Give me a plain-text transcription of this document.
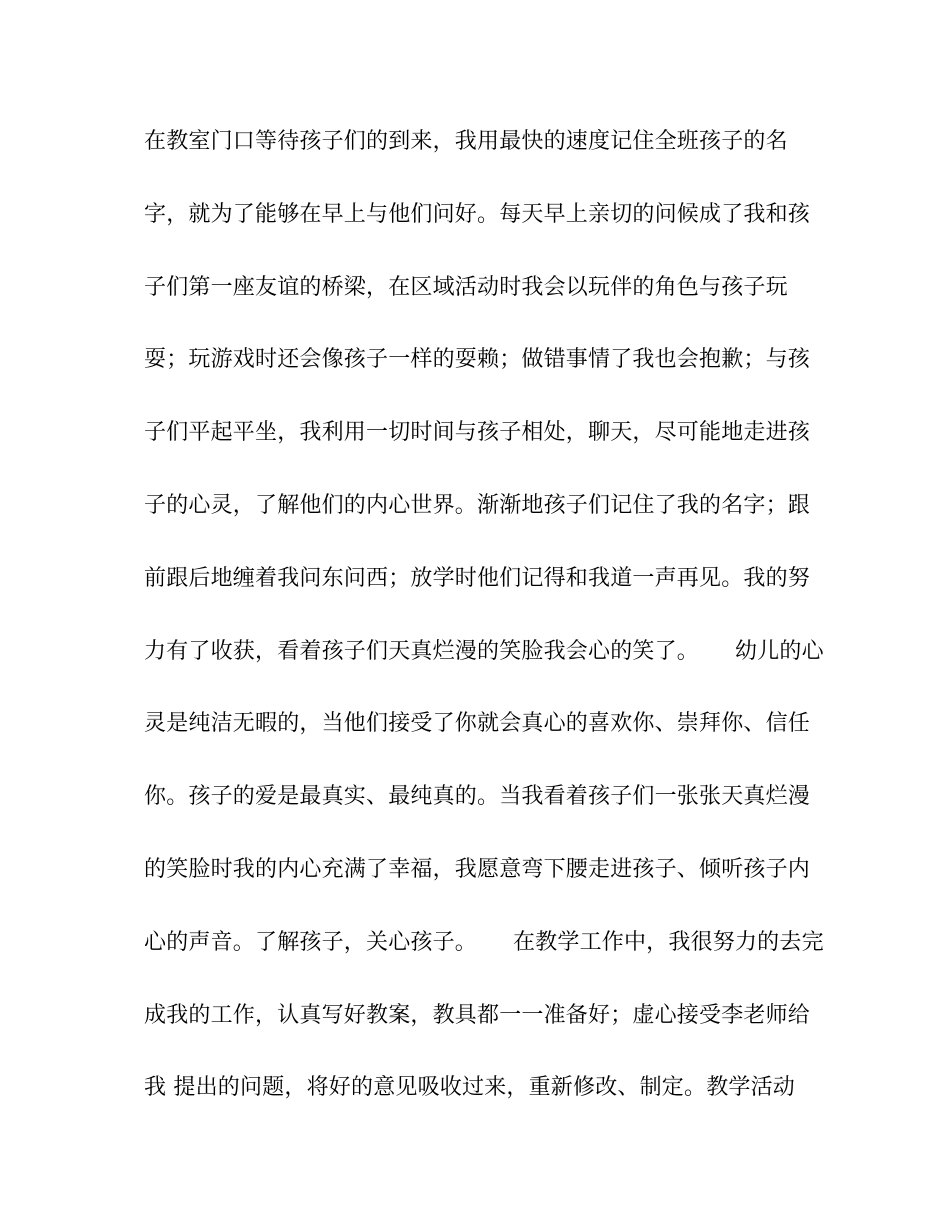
在教室门口等待孩子们的到来，我用最快的速度记住全班孩子的名
字，就为了能够在早上与他们问好。每天早上亲切的问候成了我和孩
子们第一座友谊的桥梁，在区域活动时我会以玩伴的角色与孩子玩
耍；玩游戏时还会像孩子一样的耍赖；做错事情了我也会抱歉；与孩
子们平起平坐，我利用一切时间与孩子相处，聊天，尽可能地走进孩
子的心灵，了解他们的内心世界。渐渐地孩子们记住了我的名字；跟
前跟后地缠着我问东问西；放学时他们记得和我道一声再见。我的努
力有了收获，看着孩子们天真烂漫的笑脸我会心的笑了。     幼儿的心
灵是纯洁无暇的，当他们接受了你就会真心的喜欢你、崇拜你、信任
你。孩子的爱是最真实、最纯真的。当我看着孩子们一张张天真烂漫
的笑脸时我的内心充满了幸福，我愿意弯下腰走进孩子、倾听孩子内
心的声音。了解孩子，关心孩子。     在教学工作中，我很努力的去完
成我的工作，认真写好教案，教具都一一准备好；虚心接受李老师给
我 提出的问题，将好的意见吸收过来，重新修改、制定。教学活动
